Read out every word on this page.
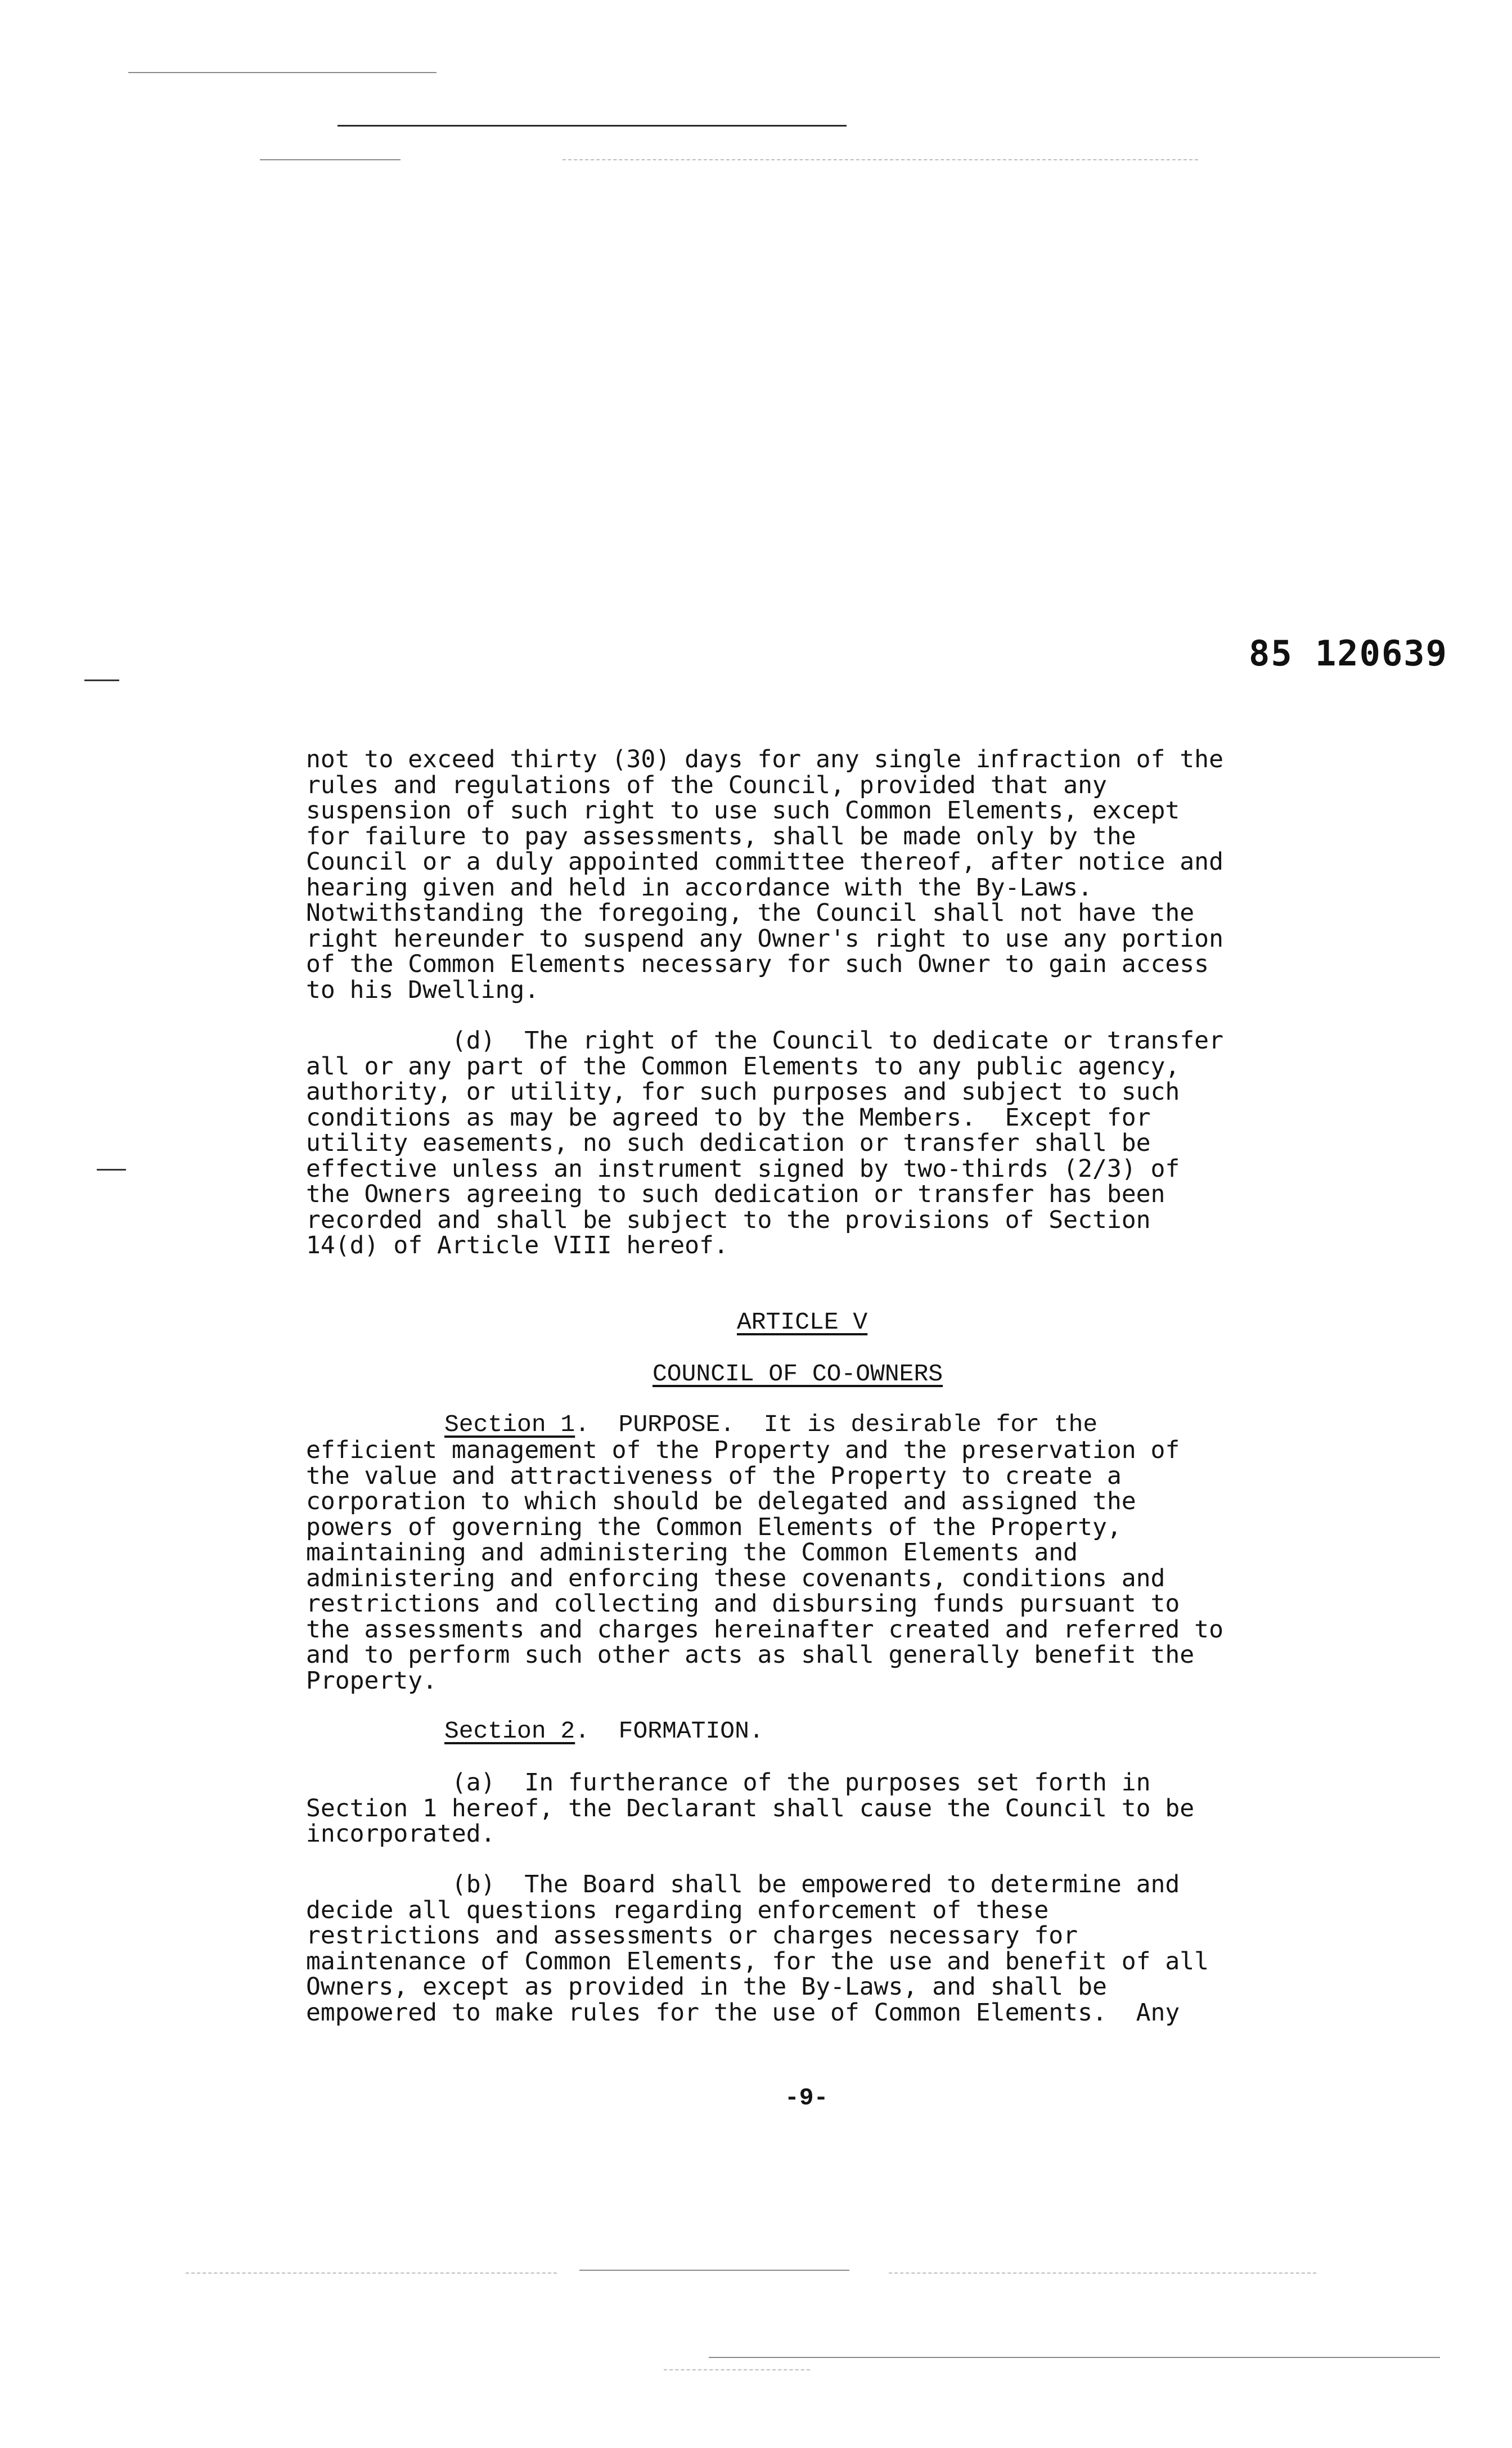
85 120639
not to exceed thirty (30) days for any single infraction of the
rules and regulations of the Council, provided that any
suspension of such right to use such Common Elements, except
for failure to pay assessments, shall be made only by the
Council or a duly appointed committee thereof, after notice and
hearing given and held in accordance with the By-Laws.
Notwithstanding the foregoing, the Council shall not have the
right hereunder to suspend any Owner's right to use any portion
of the Common Elements necessary for such Owner to gain access
to his Dwelling.
(d)  The right of the Council to dedicate or transfer
all or any part of the Common Elements to any public agency,
authority, or utility, for such purposes and subject to such
conditions as may be agreed to by the Members.  Except for
utility easements, no such dedication or transfer shall be
effective unless an instrument signed by two-thirds (2/3) of
the Owners agreeing to such dedication or transfer has been
recorded and shall be subject to the provisions of Section
14(d) of Article VIII hereof.
ARTICLE V
COUNCIL OF CO-OWNERS
Section 1.  PURPOSE.  It is desirable for the
efficient management of the Property and the preservation of
the value and attractiveness of the Property to create a
corporation to which should be delegated and assigned the
powers of governing the Common Elements of the Property,
maintaining and administering the Common Elements and
administering and enforcing these covenants, conditions and
restrictions and collecting and disbursing funds pursuant to
the assessments and charges hereinafter created and referred to
and to perform such other acts as shall generally benefit the
Property.
Section 2.  FORMATION.
(a)  In furtherance of the purposes set forth in
Section 1 hereof, the Declarant shall cause the Council to be
incorporated.
(b)  The Board shall be empowered to determine and
decide all questions regarding enforcement of these
restrictions and assessments or charges necessary for
maintenance of Common Elements, for the use and benefit of all
Owners, except as provided in the By-Laws, and shall be
empowered to make rules for the use of Common Elements.  Any
-9-
